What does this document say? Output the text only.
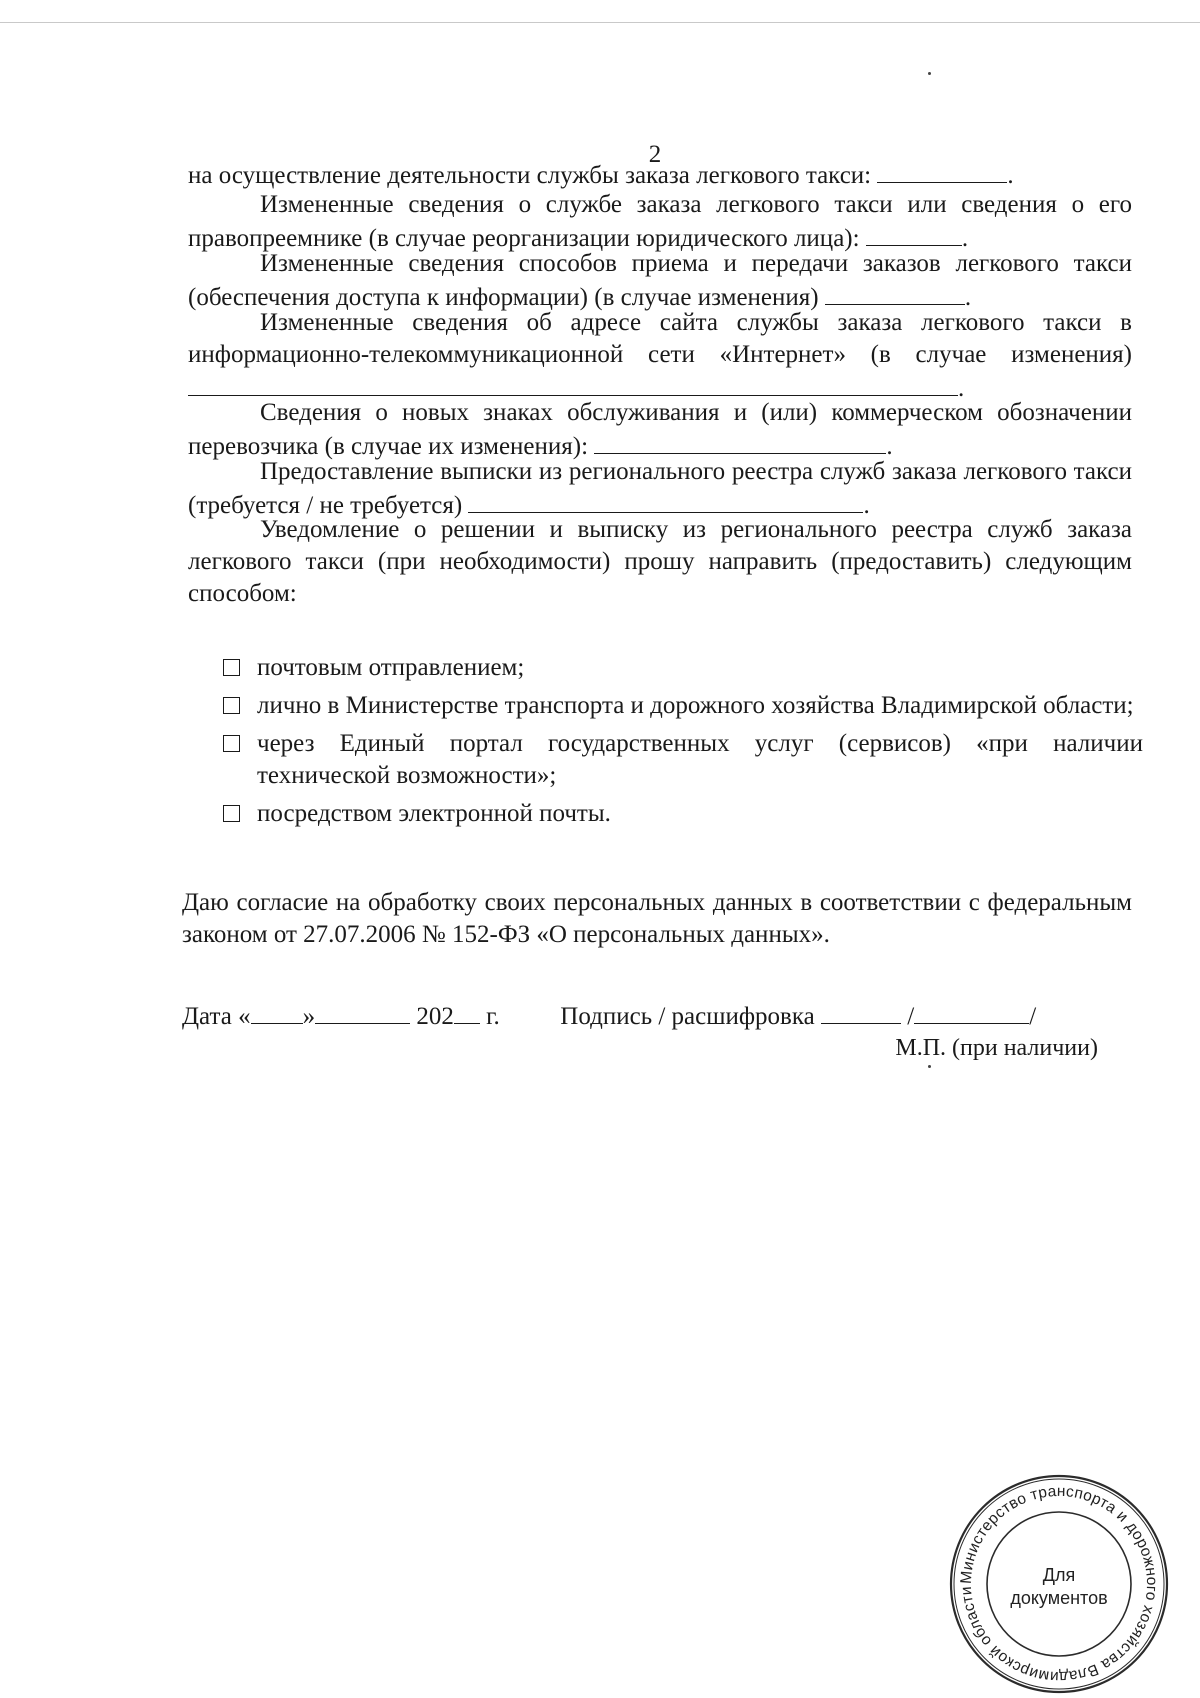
2

на осуществление деятельности службы заказа легкового такси:	.

Измененные сведения о службе заказа легкового такси или сведения о его правопреемнике (в случае реорганизации юридического лица):	.

Измененные сведения способов приема и передачи заказов легкового такси (обеспечения доступа к информации) (в случае изменения)	.

Измененные сведения об адресе сайта службы заказа легкового такси в информационно-телекоммуникационной сети «Интернет» (в случае изменения) .

Сведения о новых знаках обслуживания и (или) коммерческом обозначении перевозчика (в случае их изменения):	.

Предоставление выписки из регионального реестра служб заказа легкового такси (требуется / не требуется)	.

Уведомление о решении и выписку из регионального реестра служб заказа легкового такси (при необходимости) прошу направить (предоставить) следующим способом:

почтовым отправлением;
лично в Министерстве транспорта и дорожного хозяйства Владимирской области;
через Единый портал государственных услуг (сервисов) «при наличии технической возможности»;
посредством электронной почты.
Даю согласие на обработку своих персональных данных в соответствии с федеральным законом от 27.07.2006 № 152-ФЗ «О персональных данных».
Дата « »	202 г. Подпись / расшифровка	/	/
М.П. (при наличии)
Министерство транспорта и дорожного хозяйства Владимирской области
Для
документов
